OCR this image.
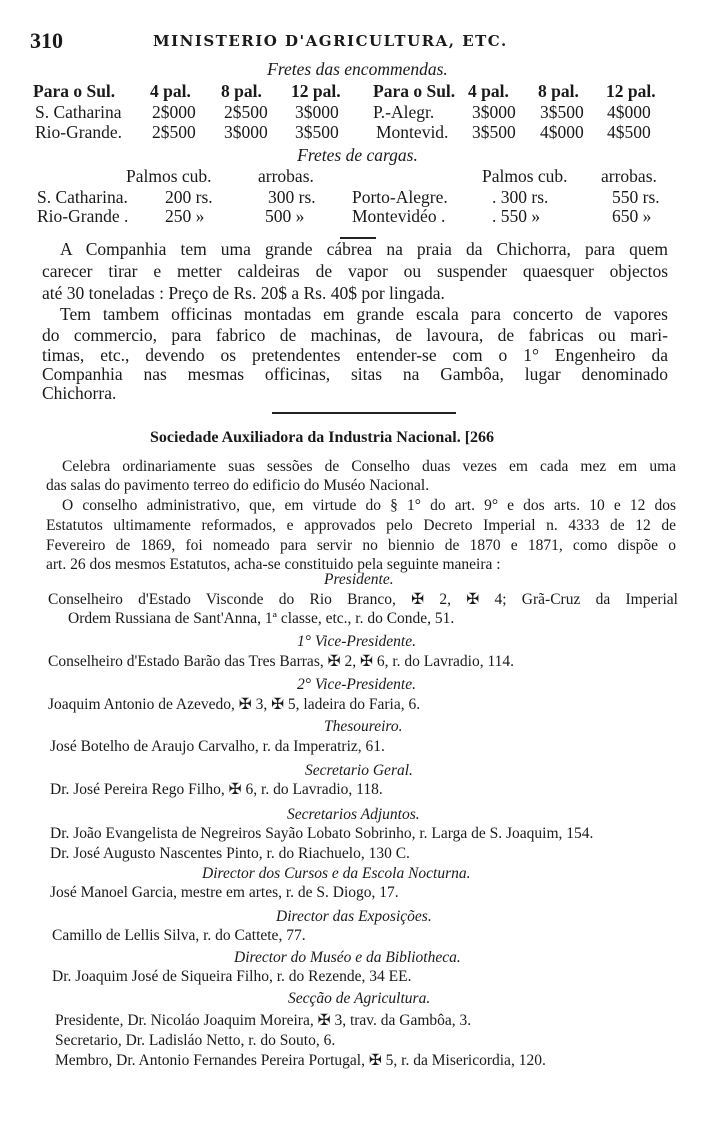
310	MINISTERIO D'AGRICULTURA, ETC.
Fretes das encommendas.
Para o Sul. 4 pal. 8 pal. 12 pal. Para o Sul. 4 pal. 8 pal. 12 pal.
S. Catharina 2$000 2$500 3$000 P.-Alegr. 3$000 3$500 4$000
Rio-Grande. 2$500 3$000 3$500 Montevid. 3$500 4$000 4$500
Fretes de cargas.
Palmos cub.	arrobas.	Palmos cub. arrobas.
S. Catharina. 200 rs.	300 rs. Porto-Alegre.	. 300 rs.	550 rs.
Rio-Grande . 250 »	500 »	Montevidéo .	. 550 »	650 »
A Companhia tem uma grande cábrea na praia da Chichorra, para quem
carecer tirar e metter caldeiras de vapor ou suspender quaesquer objectos
até 30 toneladas : Preço de Rs. 20$ a Rs. 40$ por lingada.
Tem tambem officinas montadas em grande escala para concerto de vapores
do commercio, para fabrico de machinas, de lavoura, de fabricas ou mari-
timas, etc., devendo os pretendentes entender-se com o 1° Engenheiro da
Companhia nas mesmas officinas, sitas na Gambôa, lugar denominado
Chichorra.
Sociedade Auxiliadora da Industria Nacional. [266
Celebra ordinariamente suas sessões de Conselho duas vezes em cada mez em uma
das salas do pavimento terreo do edificio do Muséo Nacional.
O conselho administrativo, que, em virtude do § 1° do art. 9° e dos arts. 10 e 12 dos
Estatutos ultimamente reformados, e approvados pelo Decreto Imperial n. 4333 de 12 de
Fevereiro de 1869, foi nomeado para servir no biennio de 1870 e 1871, como dispõe o
art. 26 dos mesmos Estatutos, acha-se constituido pela seguinte maneira :
Presidente.
Conselheiro d'Estado Visconde do Rio Branco, ✠ 2, ✠ 4; Grã-Cruz da Imperial
Ordem Russiana de Sant'Anna, 1ª classe, etc., r. do Conde, 51.
1° Vice-Presidente.
Conselheiro d'Estado Barão das Tres Barras, ✠ 2, ✠ 6, r. do Lavradio, 114.
2° Vice-Presidente.
Joaquim Antonio de Azevedo, ✠ 3, ✠ 5, ladeira do Faria, 6.
Thesoureiro.
José Botelho de Araujo Carvalho, r. da Imperatriz, 61.
Secretario Geral.
Dr. José Pereira Rego Filho, ✠ 6, r. do Lavradio, 118.
Secretarios Adjuntos.
Dr. João Evangelista de Negreiros Sayão Lobato Sobrinho, r. Larga de S. Joaquim, 154.
Dr. José Augusto Nascentes Pinto, r. do Riachuelo, 130 C.
Director dos Cursos e da Escola Nocturna.
José Manoel Garcia, mestre em artes, r. de S. Diogo, 17.
Director das Exposições.
Camillo de Lellis Silva, r. do Cattete, 77.
Director do Muséo e da Bibliotheca.
Dr. Joaquim José de Siqueira Filho, r. do Rezende, 34 EE.
Secção de Agricultura.
Presidente, Dr. Nicoláo Joaquim Moreira, ✠ 3, trav. da Gambôa, 3.
Secretario, Dr. Ladisláo Netto, r. do Souto, 6.
Membro, Dr. Antonio Fernandes Pereira Portugal, ✠ 5, r. da Misericordia, 120.
